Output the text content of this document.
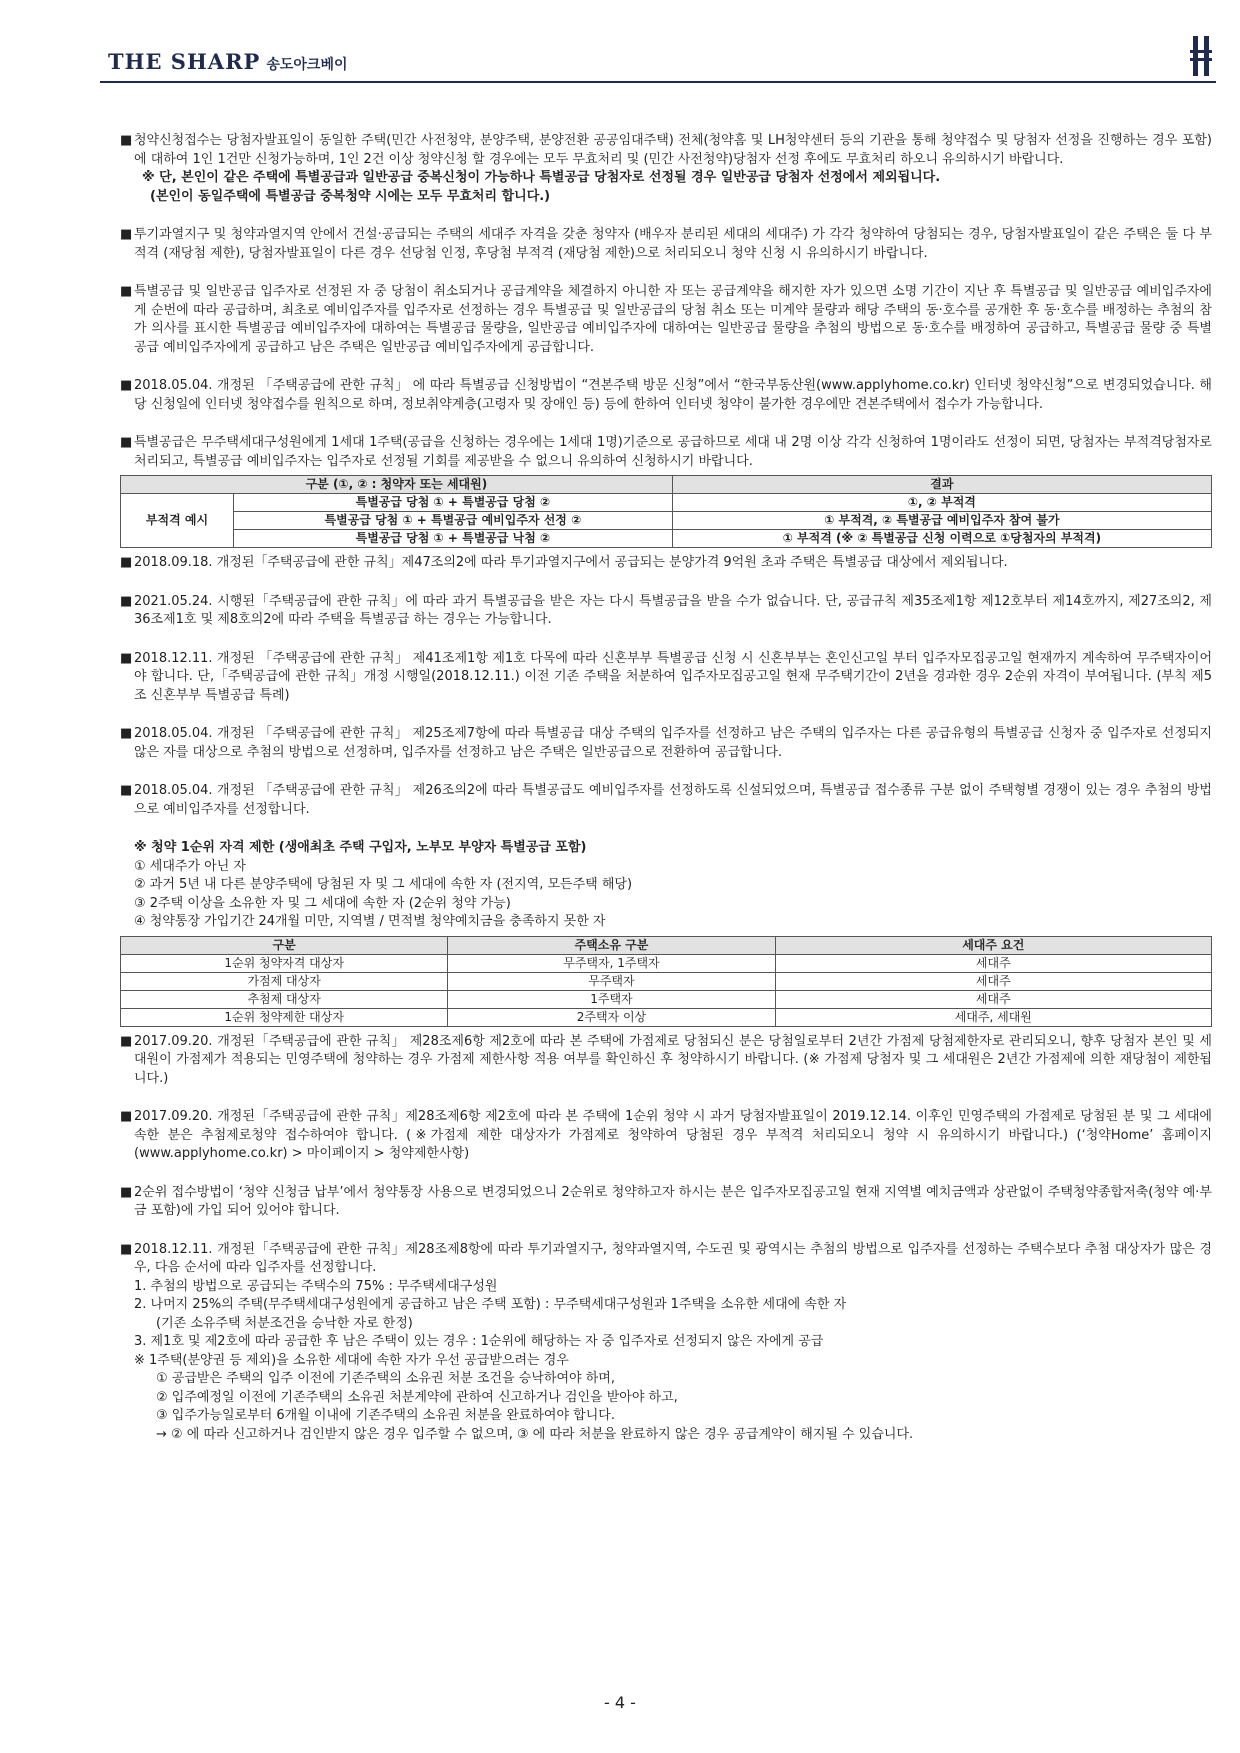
THE SHARP 송도아크베이
■ 청약신청접수는 당첨자발표일이 동일한 주택(민간 사전청약, 분양주택, 분양전환 공공임대주택) 전체(청약홈 및 LH청약센터 등의 기관을 통해 청약접수 및 당첨자 선정을 진행하는 경우 포함)에 대하여 1인 1건만 신청가능하며, 1인 2건 이상 청약신청 할 경우에는 모두 무효처리 및 (민간 사전청약)당첨자 선정 후에도 무효처리 하오니 유의하시기 바랍니다.
※ 단, 본인이 같은 주택에 특별공급과 일반공급 중복신청이 가능하나 특별공급 당첨자로 선정될 경우 일반공급 당첨자 선정에서 제외됩니다.
(본인이 동일주택에 특별공급 중복청약 시에는 모두 무효처리 합니다.)
■ 투기과열지구 및 청약과열지역 안에서 건설·공급되는 주택의 세대주 자격을 갖춘 청약자 (배우자 분리된 세대의 세대주) 가 각각 청약하여 당첨되는 경우, 당첨자발표일이 같은 주택은 둘 다 부적격 (재당첨 제한), 당첨자발표일이 다른 경우 선당첨 인정, 후당첨 부적격 (재당첨 제한)으로 처리되오니 청약 신청 시 유의하시기 바랍니다.
■ 특별공급 및 일반공급 입주자로 선정된 자 중 당첨이 취소되거나 공급계약을 체결하지 아니한 자 또는 공급계약을 해지한 자가 있으면 소명 기간이 지난 후 특별공급 및 일반공급 예비입주자에게 순번에 따라 공급하며, 최초로 예비입주자를 입주자로 선정하는 경우 특별공급 및 일반공급의 당첨 취소 또는 미계약 물량과 해당 주택의 동·호수를 공개한 후 동·호수를 배정하는 추첨의 참가 의사를 표시한 특별공급 예비입주자에 대하여는 특별공급 물량을, 일반공급 예비입주자에 대하여는 일반공급 물량을 추첨의 방법으로 동·호수를 배정하여 공급하고, 특별공급 물량 중 특별공급 예비입주자에게 공급하고 남은 주택은 일반공급 예비입주자에게 공급합니다.
■ 2018.05.04. 개정된 「주택공급에 관한 규칙」 에 따라 특별공급 신청방법이 “견본주택 방문 신청”에서 “한국부동산원(www.applyhome.co.kr) 인터넷 청약신청”으로 변경되었습니다. 해당 신청일에 인터넷 청약접수를 원칙으로 하며, 정보취약계층(고령자 및 장애인 등) 등에 한하여 인터넷 청약이 불가한 경우에만 견본주택에서 접수가 가능합니다.
■ 특별공급은 무주택세대구성원에게 1세대 1주택(공급을 신청하는 경우에는 1세대 1명)기준으로 공급하므로 세대 내 2명 이상 각각 신청하여 1명이라도 선정이 되면, 당첨자는 부적격당첨자로 처리되고, 특별공급 예비입주자는 입주자로 선정될 기회를 제공받을 수 없으니 유의하여 신청하시기 바랍니다.
구분 (①, ② : 청약자 또는 세대원)		결과
부적격 예시	특별공급 당첨 ① + 특별공급 당첨 ②	①, ② 부적격
	특별공급 당첨 ① + 특별공급 예비입주자 선정 ②	① 부적격, ② 특별공급 예비입주자 참여 불가
	특별공급 당첨 ① + 특별공급 낙첨 ②	① 부적격 (※ ② 특별공급 신청 이력으로 ①당첨자의 부적격)
■ 2018.09.18. 개정된「주택공급에 관한 규칙」제47조의2에 따라 투기과열지구에서 공급되는 분양가격 9억원 초과 주택은 특별공급 대상에서 제외됩니다.
■ 2021.05.24. 시행된「주택공급에 관한 규칙」에 따라 과거 특별공급을 받은 자는 다시 특별공급을 받을 수가 없습니다. 단, 공급규칙 제35조제1항 제12호부터 제14호까지, 제27조의2, 제36조제1호 및 제8호의2에 따라 주택을 특별공급 하는 경우는 가능합니다.
■ 2018.12.11. 개정된 「주택공급에 관한 규칙」 제41조제1항 제1호 다목에 따라 신혼부부 특별공급 신청 시 신혼부부는 혼인신고일 부터 입주자모집공고일 현재까지 계속하여 무주택자이어야 합니다. 단,「주택공급에 관한 규칙」개정 시행일(2018.12.11.) 이전 기존 주택을 처분하여 입주자모집공고일 현재 무주택기간이 2년을 경과한 경우 2순위 자격이 부여됩니다. (부칙 제5조 신혼부부 특별공급 특례)
■ 2018.05.04. 개정된 「주택공급에 관한 규칙」 제25조제7항에 따라 특별공급 대상 주택의 입주자를 선정하고 남은 주택의 입주자는 다른 공급유형의 특별공급 신청자 중 입주자로 선정되지 않은 자를 대상으로 추첨의 방법으로 선정하며, 입주자를 선정하고 남은 주택은 일반공급으로 전환하여 공급합니다.
■ 2018.05.04. 개정된 「주택공급에 관한 규칙」 제26조의2에 따라 특별공급도 예비입주자를 선정하도록 신설되었으며, 특별공급 접수종류 구분 없이 주택형별 경쟁이 있는 경우 추첨의 방법으로 예비입주자를 선정합니다.
※ 청약 1순위 자격 제한 (생애최초 주택 구입자, 노부모 부양자 특별공급 포함)
① 세대주가 아닌 자
② 과거 5년 내 다른 분양주택에 당첨된 자 및 그 세대에 속한 자 (전지역, 모든주택 해당)
③ 2주택 이상을 소유한 자 및 그 세대에 속한 자 (2순위 청약 가능)
④ 청약통장 가입기간 24개월 미만, 지역별 / 면적별 청약예치금을 충족하지 못한 자
구분	주택소유 구분	세대주 요건
1순위 청약자격 대상자	무주택자, 1주택자	세대주
가점제 대상자	무주택자	세대주
추첨제 대상자	1주택자	세대주
1순위 청약제한 대상자	2주택자 이상	세대주, 세대원
■ 2017.09.20. 개정된「주택공급에 관한 규칙」 제28조제6항 제2호에 따라 본 주택에 가점제로 당첨되신 분은 당첨일로부터 2년간 가점제 당첨제한자로 관리되오니, 향후 당첨자 본인 및 세대원이 가점제가 적용되는 민영주택에 청약하는 경우 가점제 제한사항 적용 여부를 확인하신 후 청약하시기 바랍니다. (※ 가점제 당첨자 및 그 세대원은 2년간 가점제에 의한 재당첨이 제한됩니다.)
■ 2017.09.20. 개정된「주택공급에 관한 규칙」제28조제6항 제2호에 따라 본 주택에 1순위 청약 시 과거 당첨자발표일이 2019.12.14. 이후인 민영주택의 가점제로 당첨된 분 및 그 세대에 속한 분은 추첨제로청약 접수하여야 합니다. (※가점제 제한 대상자가 가점제로 청약하여 당첨된 경우 부적격 처리되오니 청약 시 유의하시기 바랍니다.) (‘청약Home’ 홈페이지 (www.applyhome.co.kr) > 마이페이지 > 청약제한사항)
■ 2순위 접수방법이 ‘청약 신청금 납부’에서 청약통장 사용으로 변경되었으니 2순위로 청약하고자 하시는 분은 입주자모집공고일 현재 지역별 예치금액과 상관없이 주택청약종합저축(청약 예·부금 포함)에 가입 되어 있어야 합니다.
■ 2018.12.11. 개정된「주택공급에 관한 규칙」제28조제8항에 따라 투기과열지구, 청약과열지역, 수도권 및 광역시는 추첨의 방법으로 입주자를 선정하는 주택수보다 추첨 대상자가 많은 경우, 다음 순서에 따라 입주자를 선정합니다.
1. 추첨의 방법으로 공급되는 주택수의 75% : 무주택세대구성원
2. 나머지 25%의 주택(무주택세대구성원에게 공급하고 남은 주택 포함) : 무주택세대구성원과 1주택을 소유한 세대에 속한 자
(기존 소유주택 처분조건을 승낙한 자로 한정)
3. 제1호 및 제2호에 따라 공급한 후 남은 주택이 있는 경우 : 1순위에 해당하는 자 중 입주자로 선정되지 않은 자에게 공급
※ 1주택(분양권 등 제외)을 소유한 세대에 속한 자가 우선 공급받으려는 경우
① 공급받은 주택의 입주 이전에 기존주택의 소유권 처분 조건을 승낙하여야 하며,
② 입주예정일 이전에 기존주택의 소유권 처분계약에 관하여 신고하거나 검인을 받아야 하고,
③ 입주가능일로부터 6개월 이내에 기존주택의 소유권 처분을 완료하여야 합니다.
→ ② 에 따라 신고하거나 검인받지 않은 경우 입주할 수 없으며, ③ 에 따라 처분을 완료하지 않은 경우 공급계약이 해지될 수 있습니다.
- 4 -
